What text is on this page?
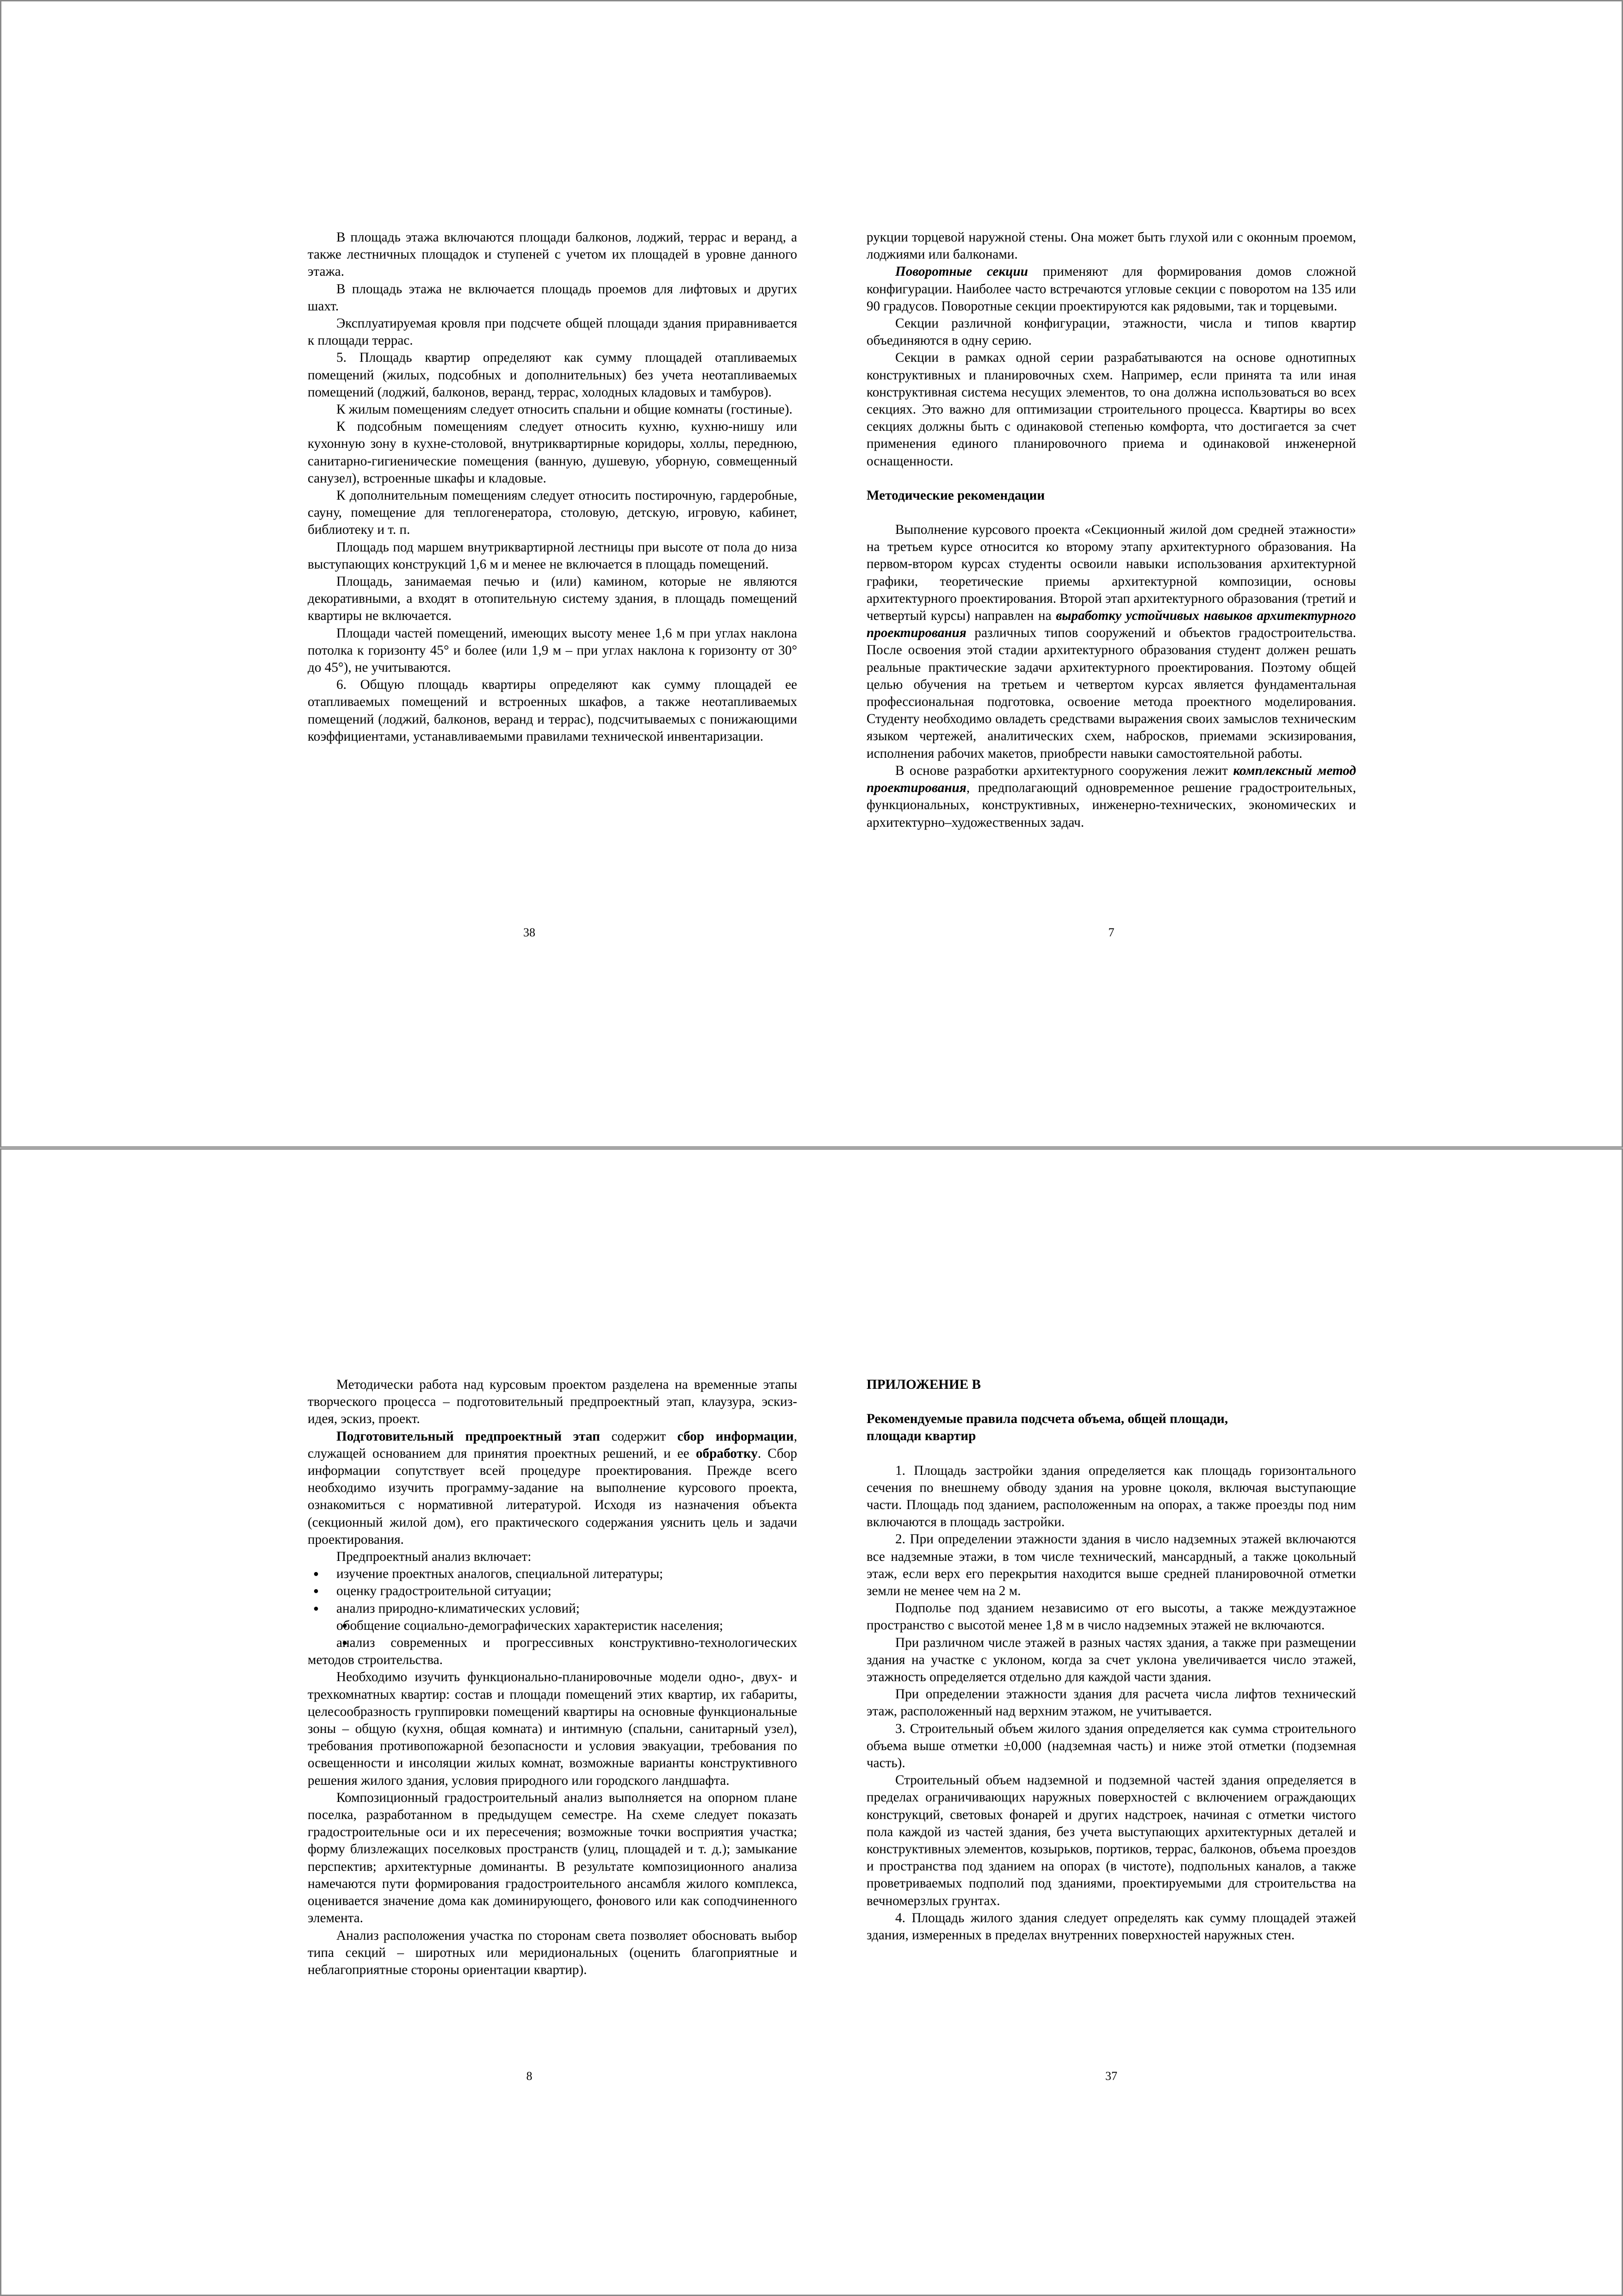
В площадь этажа включаются площади балконов, лоджий, террас и веранд, а также лестничных площадок и ступеней с учетом их площадей в уровне данного этажа.

В площадь этажа не включается площадь проемов для лифтовых и других шахт.

Эксплуатируемая кровля при подсчете общей площади здания приравнивается к площади террас.

5. Площадь квартир определяют как сумму площадей отапливаемых помещений (жилых, подсобных и дополнительных) без учета неотапливаемых помещений (лоджий, балконов, веранд, террас, холодных кладовых и тамбуров).

К жилым помещениям следует относить спальни и общие комнаты (гостиные).

К подсобным помещениям следует относить кухню, кухню-нишу или кухонную зону в кухне-столовой, внутриквартирные коридоры, холлы, переднюю, санитарно-гигиенические помещения (ванную, душевую, уборную, совмещенный санузел), встроенные шкафы и кладовые.

К дополнительным помещениям следует относить постирочную, гардеробные, сауну, помещение для теплогенератора, столовую, детскую, игровую, кабинет, библиотеку и т. п.

Площадь под маршем внутриквартирной лестницы при высоте от пола до низа выступающих конструкций 1,6 м и менее не включается в площадь помещений.

Площадь, занимаемая печью и (или) камином, которые не являются декоративными, а входят в отопительную систему здания, в площадь помещений квартиры не включается.

Площади частей помещений, имеющих высоту менее 1,6 м при углах наклона потолка к горизонту 45° и более (или 1,9 м – при углах наклона к горизонту от 30° до 45°), не учитываются.

6. Общую площадь квартиры определяют как сумму площадей ее отапливаемых помещений и встроенных шкафов, а также неотапливаемых помещений (лоджий, балконов, веранд и террас), подсчитываемых с понижающими коэффициентами, устанавливаемыми правилами технической инвентаризации.

38

рукции торцевой наружной стены. Она может быть глухой или с оконным проемом, лоджиями или балконами.

Поворотные секции применяют для формирования домов сложной конфигурации. Наиболее часто встречаются угловые секции с поворотом на 135 или 90 градусов. Поворотные секции проектируются как рядовыми, так и торцевыми.

Секции различной конфигурации, этажности, числа и типов квартир объединяются в одну серию.

Секции в рамках одной серии разрабатываются на основе однотипных конструктивных и планировочных схем. Например, если принята та или иная конструктивная система несущих элементов, то она должна использоваться во всех секциях. Это важно для оптимизации строительного процесса. Квартиры во всех секциях должны быть с одинаковой степенью комфорта, что достигается за счет применения единого планировочного приема и одинаковой инженерной оснащенности.

Методические рекомендации

Выполнение курсового проекта «Секционный жилой дом средней этажности» на третьем курсе относится ко второму этапу архитектурного образования. На первом-втором курсах студенты освоили навыки использования архитектурной графики, теоретические приемы архитектурной композиции, основы архитектурного проектирования. Второй этап архитектурного образования (третий и четвертый курсы) направлен на выработку устойчивых навыков архитектурного проектирования различных типов сооружений и объектов градостроительства. После освоения этой стадии архитектурного образования студент должен решать реальные практические задачи архитектурного проектирования. Поэтому общей целью обучения на третьем и четвертом курсах является фундаментальная профессиональная подготовка, освоение метода проектного моделирования. Студенту необходимо овладеть средствами выражения своих замыслов техническим языком чертежей, аналитических схем, набросков, приемами эскизирования, исполнения рабочих макетов, приобрести навыки самостоятельной работы.

В основе разработки архитектурного сооружения лежит комплексный метод проектирования, предполагающий одновременное решение градостроительных, функциональных, конструктивных, инженерно-технических, экономических и архитектурно–художественных задач.

7

Методически работа над курсовым проектом разделена на временные этапы творческого процесса – подготовительный предпроектный этап, клаузура, эскиз-идея, эскиз, проект.

Подготовительный предпроектный этап содержит сбор информации, служащей основанием для принятия проектных решений, и ее обработку. Сбор информации сопутствует всей процедуре проектирования. Прежде всего необходимо изучить программу-задание на выполнение курсового проекта, ознакомиться с нормативной литературой. Исходя из назначения объекта (секционный жилой дом), его практического содержания уяснить цель и задачи проектирования.

Предпроектный анализ включает:

● изучение проектных аналогов, специальной литературы;
● оценку градостроительной ситуации;
● анализ природно-климатических условий;
● обобщение социально-демографических характеристик населения;
● анализ современных и прогрессивных конструктивно-технологических методов строительства.

Необходимо изучить функционально-планировочные модели одно-, двух- и трехкомнатных квартир: состав и площади помещений этих квартир, их габариты, целесообразность группировки помещений квартиры на основные функциональные зоны – общую (кухня, общая комната) и интимную (спальни, санитарный узел), требования противопожарной безопасности и условия эвакуации, требования по освещенности и инсоляции жилых комнат, возможные варианты конструктивного решения жилого здания, условия природного или городского ландшафта.

Композиционный градостроительный анализ выполняется на опорном плане поселка, разработанном в предыдущем семестре. На схеме следует показать градостроительные оси и их пересечения; возможные точки восприятия участка; форму близлежащих поселковых пространств (улиц, площадей и т. д.); замыкание перспектив; архитектурные доминанты. В результате композиционного анализа намечаются пути формирования градостроительного ансамбля жилого комплекса, оценивается значение дома как доминирующего, фонового или как соподчиненного элемента.

Анализ расположения участка по сторонам света позволяет обосновать выбор типа секций – широтных или меридиональных (оценить благоприятные и неблагоприятные стороны ориентации квартир).

8

ПРИЛОЖЕНИЕ В

Рекомендуемые правила подсчета объема, общей площади,

площади квартир

1. Площадь застройки здания определяется как площадь горизонтального сечения по внешнему обводу здания на уровне цоколя, включая выступающие части. Площадь под зданием, расположенным на опорах, а также проезды под ним включаются в площадь застройки.

2. При определении этажности здания в число надземных этажей включаются все надземные этажи, в том числе технический, мансардный, а также цокольный этаж, если верх его перекрытия находится выше средней планировочной отметки земли не менее чем на 2 м.

Подполье под зданием независимо от его высоты, а также междуэтажное пространство с высотой менее 1,8 м в число надземных этажей не включаются.

При различном числе этажей в разных частях здания, а также при размещении здания на участке с уклоном, когда за счет уклона увеличивается число этажей, этажность определяется отдельно для каждой части здания.

При определении этажности здания для расчета числа лифтов технический этаж, расположенный над верхним этажом, не учитывается.

3. Строительный объем жилого здания определяется как сумма строительного объема выше отметки ±0,000 (надземная часть) и ниже этой отметки (подземная часть).

Строительный объем надземной и подземной частей здания определяется в пределах ограничивающих наружных поверхностей с включением ограждающих конструкций, световых фонарей и других надстроек, начиная с отметки чистого пола каждой из частей здания, без учета выступающих архитектурных деталей и конструктивных элементов, козырьков, портиков, террас, балконов, объема проездов и пространства под зданием на опорах (в чистоте), подпольных каналов, а также проветриваемых подполий под зданиями, проектируемыми для строительства на вечномерзлых грунтах.

4. Площадь жилого здания следует определять как сумму площадей этажей здания, измеренных в пределах внутренних поверхностей наружных стен.

37
